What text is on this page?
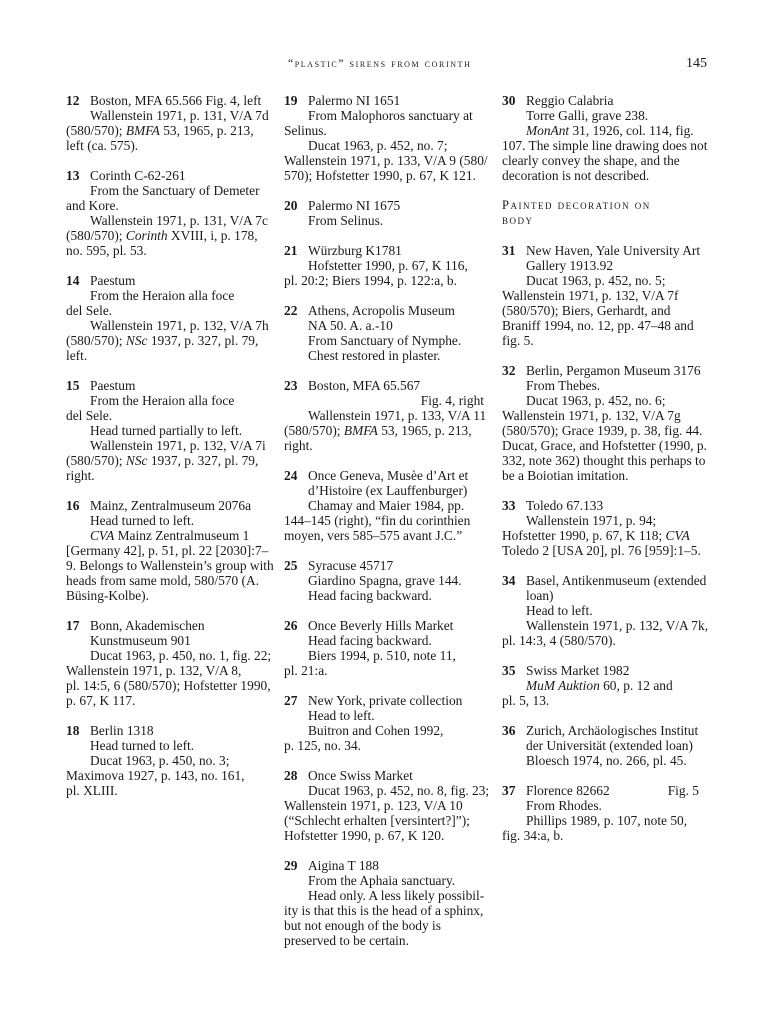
“plastic” sirens from corinth	145
12 Boston, MFA 65.566 Fig. 4, left
Wallenstein 1971, p. 131, V/A 7d
(580/570); BMFA 53, 1965, p. 213,
left (ca. 575).
13 Corinth C-62-261
From the Sanctuary of Demeter
and Kore.
Wallenstein 1971, p. 131, V/A 7c
(580/570); Corinth XVIII, i, p. 178,
no. 595, pl. 53.
14 Paestum
From the Heraion alla foce
del Sele.
Wallenstein 1971, p. 132, V/A 7h
(580/570); NSc 1937, p. 327, pl. 79,
left.
15 Paestum
From the Heraion alla foce
del Sele.
Head turned partially to left.
Wallenstein 1971, p. 132, V/A 7i
(580/570); NSc 1937, p. 327, pl. 79,
right.
16 Mainz, Zentralmuseum 2076a
Head turned to left.
CVA Mainz Zentralmuseum 1
[Germany 42], p. 51, pl. 22 [2030]:7–
9. Belongs to Wallenstein’s group with
heads from same mold, 580/570 (A.
Büsing-Kolbe).
17 Bonn, Akademischen
Kunstmuseum 901
Ducat 1963, p. 450, no. 1, fig. 22;
Wallenstein 1971, p. 132, V/A 8,
pl. 14:5, 6 (580/570); Hofstetter 1990,
p. 67, K 117.
18 Berlin 1318
Head turned to left.
Ducat 1963, p. 450, no. 3;
Maximova 1927, p. 143, no. 161,
pl. XLIII.
19 Palermo NI 1651
From Malophoros sanctuary at
Selinus.
Ducat 1963, p. 452, no. 7;
Wallenstein 1971, p. 133, V/A 9 (580/
570); Hofstetter 1990, p. 67, K 121.
20 Palermo NI 1675
From Selinus.
21 Würzburg K1781
Hofstetter 1990, p. 67, K 116,
pl. 20:2; Biers 1994, p. 122:a, b.
22 Athens, Acropolis Museum
NA 50. A. a.-10
From Sanctuary of Nymphe.
Chest restored in plaster.
23 Boston, MFA 65.567
Fig. 4, right
Wallenstein 1971, p. 133, V/A 11
(580/570); BMFA 53, 1965, p. 213,
right.
24 Once Geneva, Musèe d’Art et
d’Histoire (ex Lauffenburger)
Chamay and Maier 1984, pp.
144–145 (right), “fin du corinthien
moyen, vers 585–575 avant J.C.”
25 Syracuse 45717
Giardino Spagna, grave 144.
Head facing backward.
26 Once Beverly Hills Market
Head facing backward.
Biers 1994, p. 510, note 11,
pl. 21:a.
27 New York, private collection
Head to left.
Buitron and Cohen 1992,
p. 125, no. 34.
28 Once Swiss Market
Ducat 1963, p. 452, no. 8, fig. 23;
Wallenstein 1971, p. 123, V/A 10
(“Schlecht erhalten [versintert?]”);
Hofstetter 1990, p. 67, K 120.
29 Aigina T 188
From the Aphaia sanctuary.
Head only. A less likely possibil-
ity is that this is the head of a sphinx,
but not enough of the body is
preserved to be certain.
30 Reggio Calabria
Torre Galli, grave 238.
MonAnt 31, 1926, col. 114, fig.
107. The simple line drawing does not
clearly convey the shape, and the
decoration is not described.
Painted decoration on
body
31 New Haven, Yale University Art
Gallery 1913.92
Ducat 1963, p. 452, no. 5;
Wallenstein 1971, p. 132, V/A 7f
(580/570); Biers, Gerhardt, and
Braniff 1994, no. 12, pp. 47–48 and
fig. 5.
32 Berlin, Pergamon Museum 3176
From Thebes.
Ducat 1963, p. 452, no. 6;
Wallenstein 1971, p. 132, V/A 7g
(580/570); Grace 1939, p. 38, fig. 44.
Ducat, Grace, and Hofstetter (1990, p.
332, note 362) thought this perhaps to
be a Boiotian imitation.
33 Toledo 67.133
Wallenstein 1971, p. 94;
Hofstetter 1990, p. 67, K 118; CVA
Toledo 2 [USA 20], pl. 76 [959]:1–5.
34 Basel, Antikenmuseum (extended
loan)
Head to left.
Wallenstein 1971, p. 132, V/A 7k,
pl. 14:3, 4 (580/570).
35 Swiss Market 1982
MuM Auktion 60, p. 12 and
pl. 5, 13.
36 Zurich, Archäologisches Institut
der Universität (extended loan)
Bloesch 1974, no. 266, pl. 45.
37 Florence 82662	Fig. 5
From Rhodes.
Phillips 1989, p. 107, note 50,
fig. 34:a, b.
